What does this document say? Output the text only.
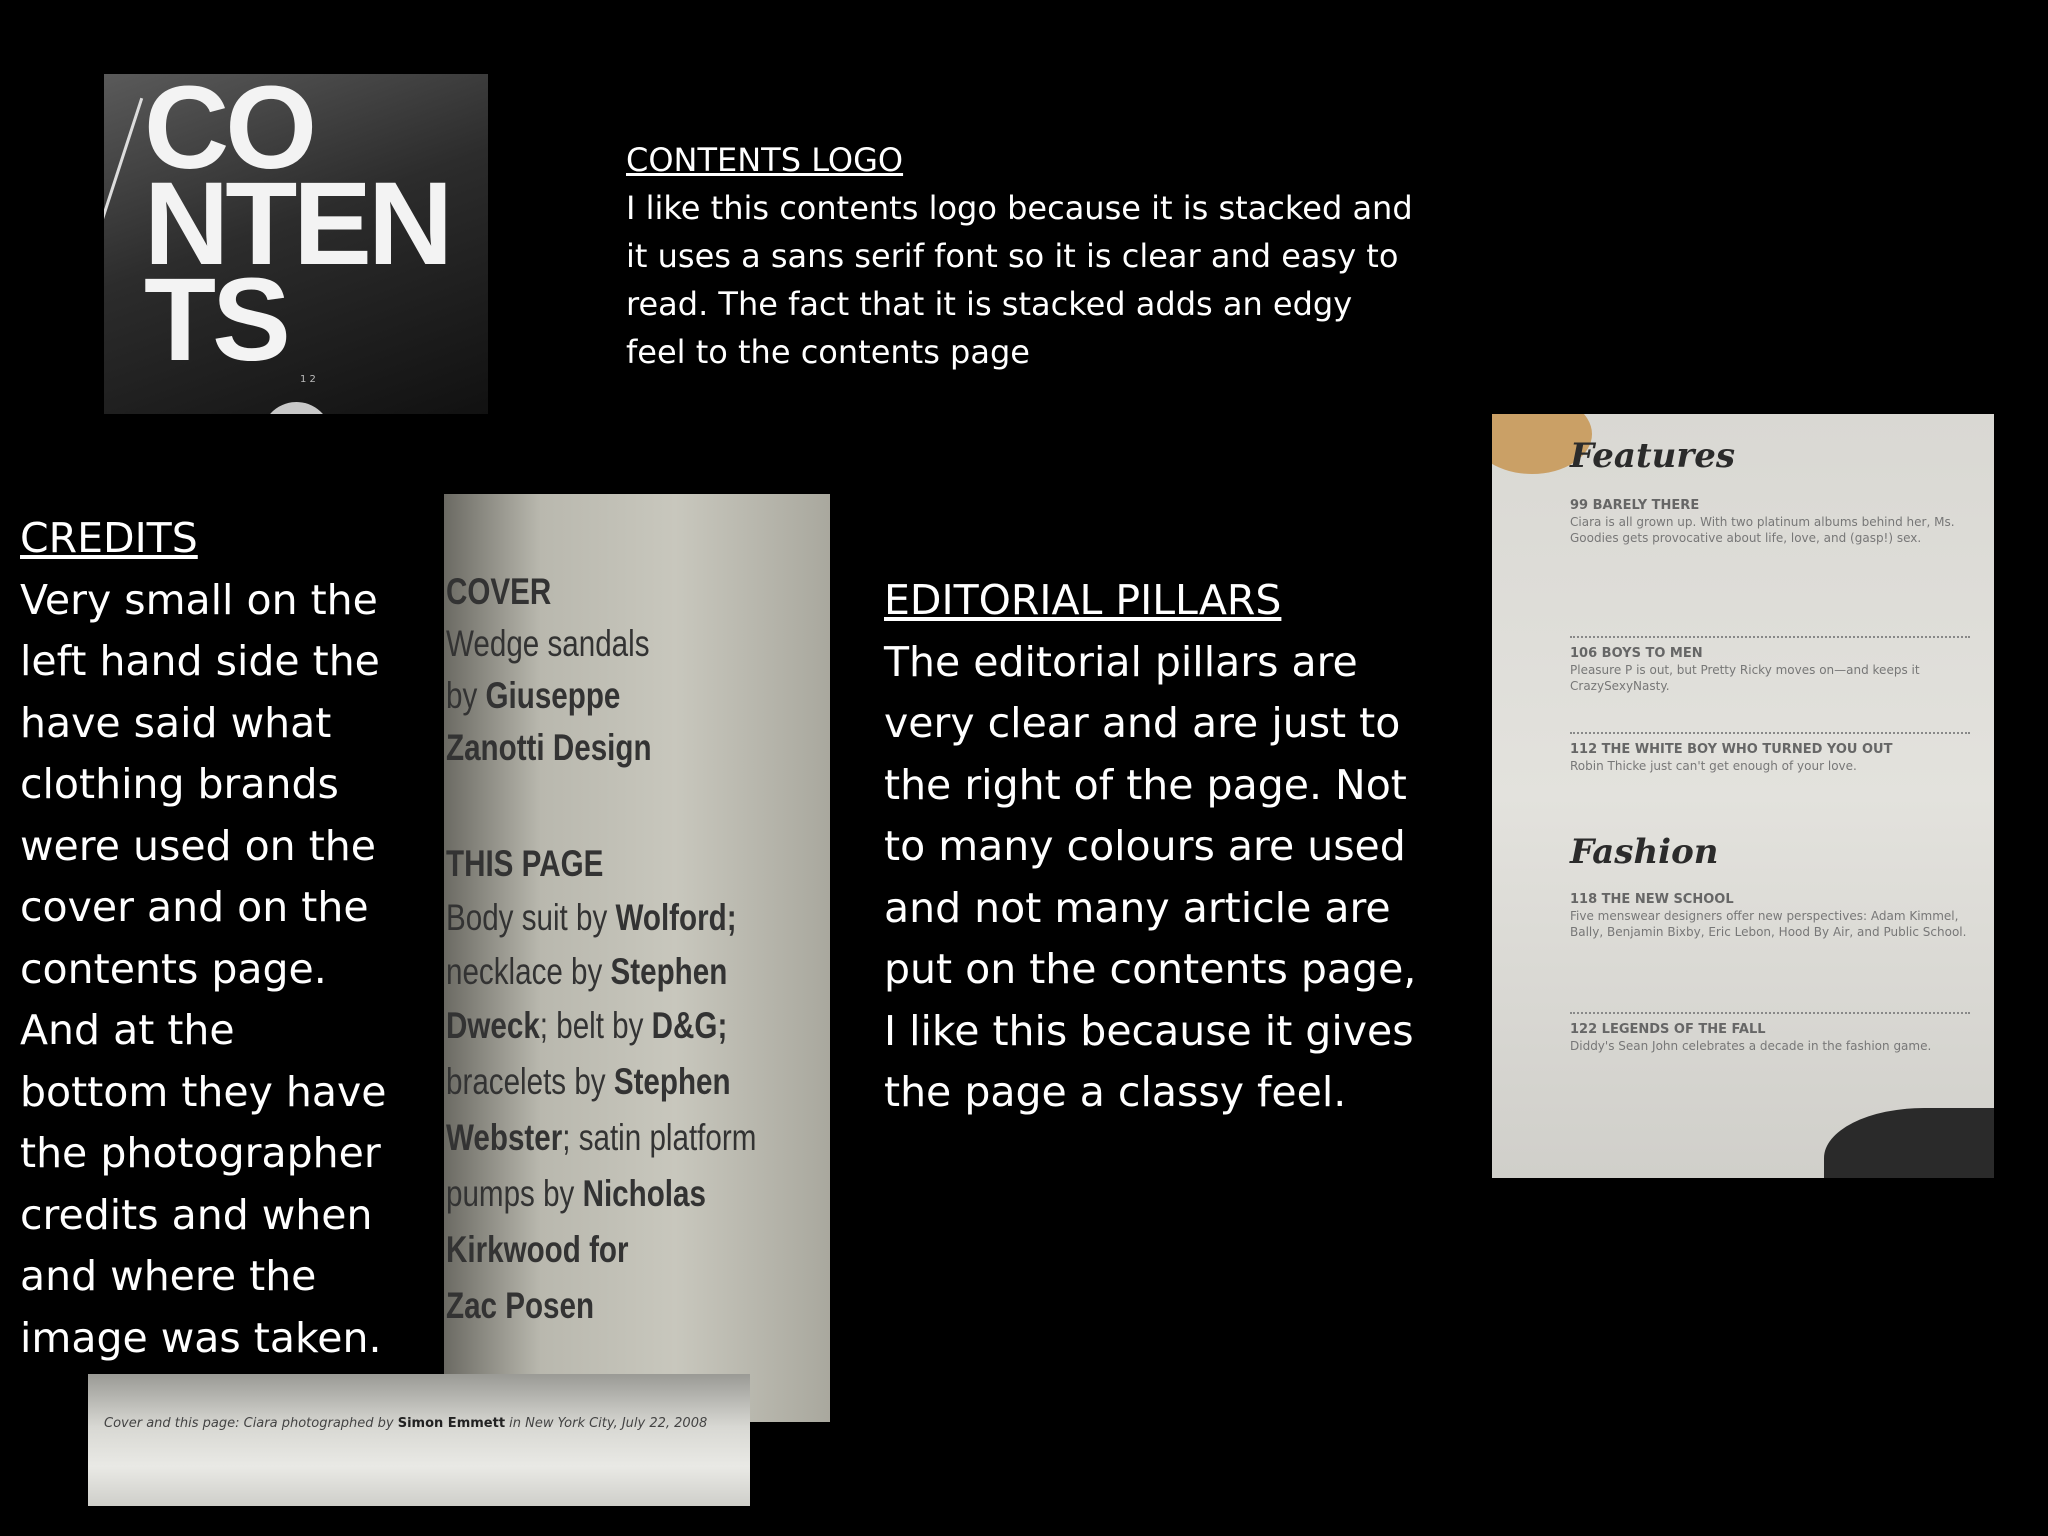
CO
NTEN
TS	1 2
CONTENTS LOGO
I like this contents logo because it is stacked and
it uses a sans serif font so it is clear and easy to
read. The fact that it is stacked adds an edgy
feel to the contents page
CREDITS
Very small on the
left hand side the
have said what
clothing brands
were used on the
cover and on the
contents page.
And at the
bottom they have
the photographer
credits and when
and where the
image was taken.
COVER
Wedge sandals
by Giuseppe
Zanotti Design
THIS PAGE
Body suit by Wolford;
necklace by Stephen
Dweck; belt by D&G;
bracelets by Stephen
Webster; satin platform
pumps by Nicholas
Kirkwood for
Zac Posen
Cover and this page: Ciara photographed by Simon Emmett in New York City, July 22, 2008
EDITORIAL PILLARS
The editorial pillars are
very clear and are just to
the right of the page. Not
to many colours are used
and not many article are
put on the contents page,
I like this because it gives
the page a classy feel.
Features
99 BARELY THERE
Ciara is all grown up. With two platinum albums behind her, Ms. Goodies gets provocative about life, love, and (gasp!) sex.
106 BOYS TO MEN
Pleasure P is out, but Pretty Ricky moves on—and keeps it CrazySexyNasty.
112 THE WHITE BOY WHO TURNED YOU OUT
Robin Thicke just can't get enough of your love.
Fashion
118 THE NEW SCHOOL
Five menswear designers offer new perspectives: Adam Kimmel, Bally, Benjamin Bixby, Eric Lebon, Hood By Air, and Public School.
122 LEGENDS OF THE FALL
Diddy's Sean John celebrates a decade in the fashion game.
